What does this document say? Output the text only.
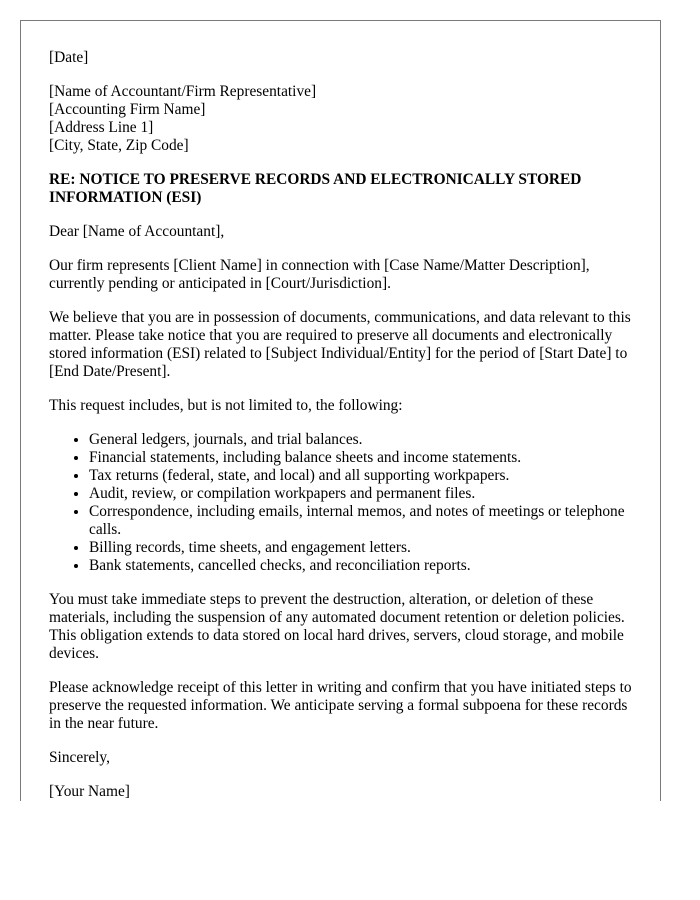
[Date]

[Name of Accountant/Firm Representative]
[Accounting Firm Name]
[Address Line 1]
[City, State, Zip Code]

RE: NOTICE TO PRESERVE RECORDS AND ELECTRONICALLY STORED INFORMATION (ESI)

Dear [Name of Accountant],

Our firm represents [Client Name] in connection with [Case Name/Matter Description], currently pending or anticipated in [Court/Jurisdiction].

We believe that you are in possession of documents, communications, and data relevant to this matter. Please take notice that you are required to preserve all documents and electronically stored information (ESI) related to [Subject Individual/Entity] for the period of [Start Date] to [End Date/Present].

This request includes, but is not limited to, the following:

• General ledgers, journals, and trial balances.
• Financial statements, including balance sheets and income statements.
• Tax returns (federal, state, and local) and all supporting workpapers.
• Audit, review, or compilation workpapers and permanent files.
• Correspondence, including emails, internal memos, and notes of meetings or telephone calls.
• Billing records, time sheets, and engagement letters.
• Bank statements, cancelled checks, and reconciliation reports.

You must take immediate steps to prevent the destruction, alteration, or deletion of these materials, including the suspension of any automated document retention or deletion policies. This obligation extends to data stored on local hard drives, servers, cloud storage, and mobile devices.

Please acknowledge receipt of this letter in writing and confirm that you have initiated steps to preserve the requested information. We anticipate serving a formal subpoena for these records in the near future.

Sincerely,

[Your Name]
